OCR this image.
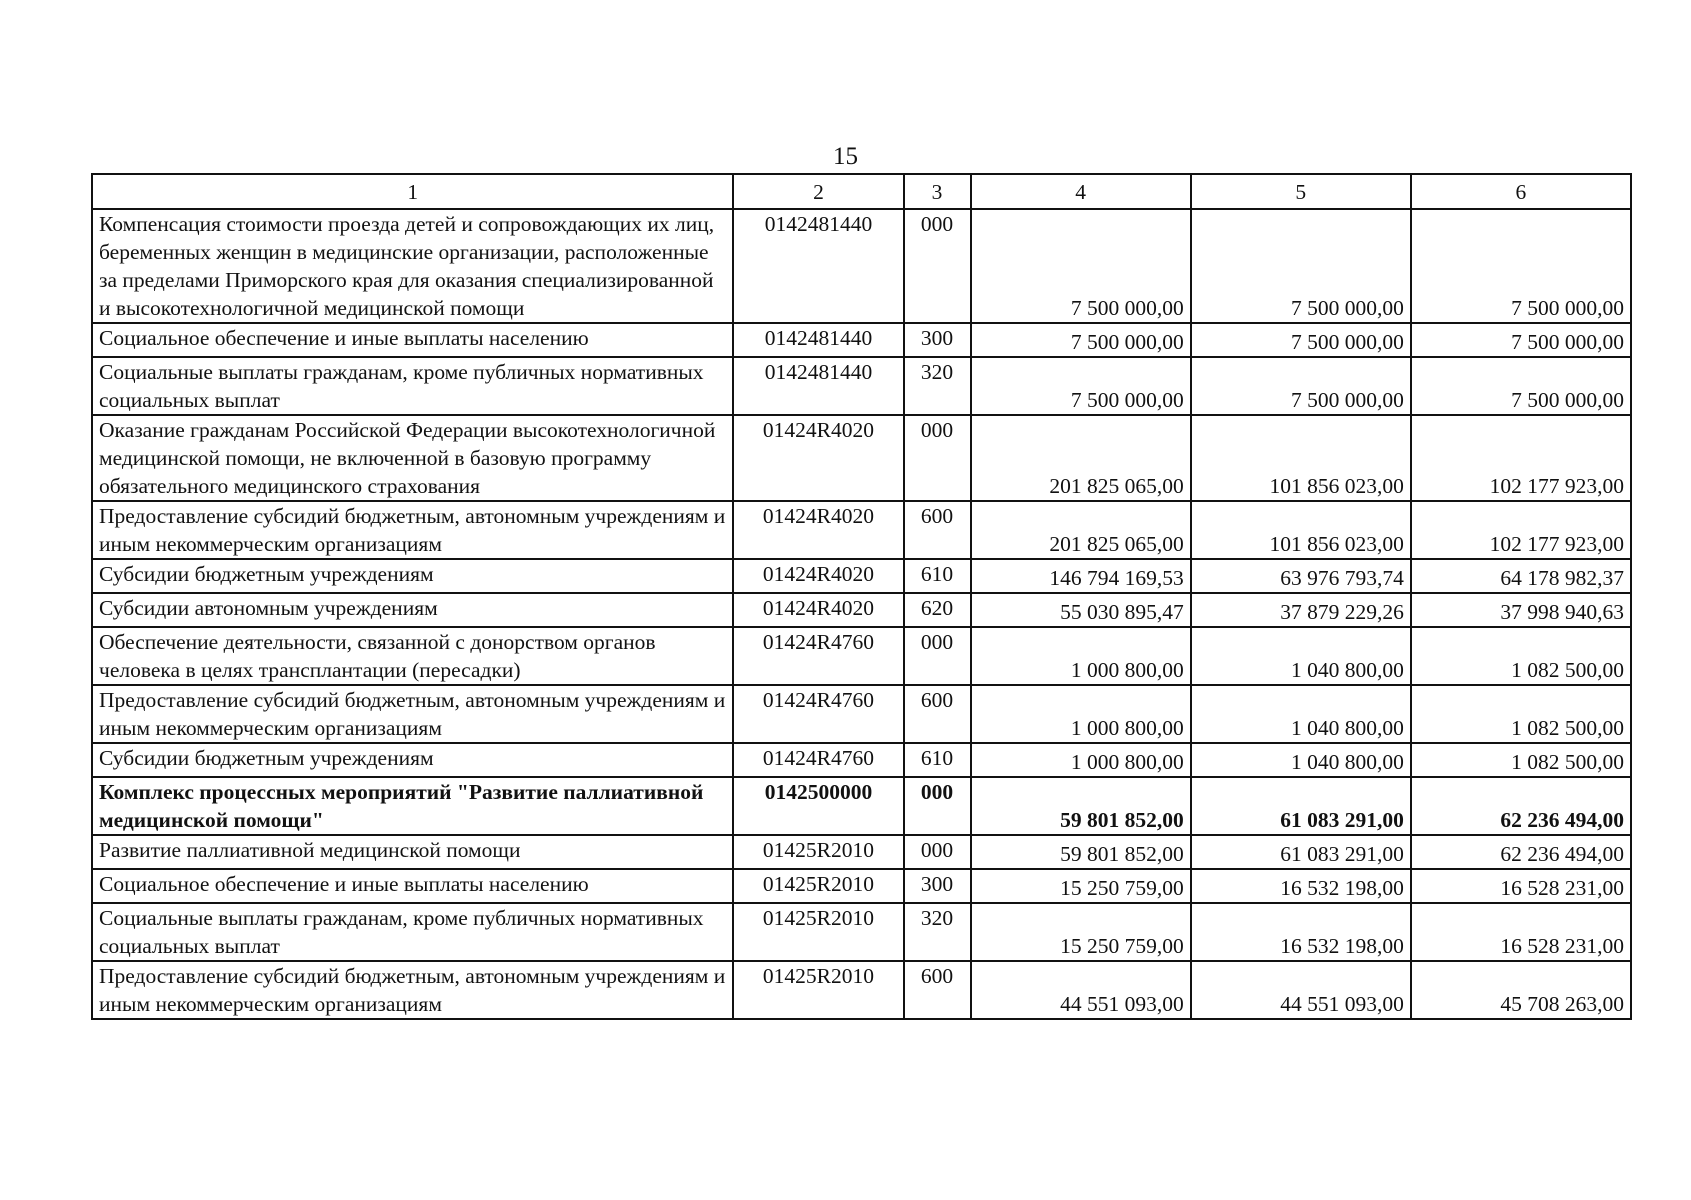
15
1	2	3	4	5	6
Компенсация стоимости проезда детей и сопровождающих их лиц, беременных женщин в медицинские организации, расположенные за пределами Приморского края для оказания специализированной и высокотехнологичной медицинской помощи	0142481440	000	7 500 000,00	7 500 000,00	7 500 000,00
Социальное обеспечение и иные выплаты населению	0142481440	300	7 500 000,00	7 500 000,00	7 500 000,00
Социальные выплаты гражданам, кроме публичных нормативных социальных выплат	0142481440	320	7 500 000,00	7 500 000,00	7 500 000,00
Оказание гражданам Российской Федерации высокотехнологичной медицинской помощи, не включенной в базовую программу обязательного медицинского страхования	01424R4020	000	201 825 065,00	101 856 023,00	102 177 923,00
Предоставление субсидий бюджетным, автономным учреждениям и иным некоммерческим организациям	01424R4020	600	201 825 065,00	101 856 023,00	102 177 923,00
Субсидии бюджетным учреждениям	01424R4020	610	146 794 169,53	63 976 793,74	64 178 982,37
Субсидии автономным учреждениям	01424R4020	620	55 030 895,47	37 879 229,26	37 998 940,63
Обеспечение деятельности, связанной с донорством органов человека в целях трансплантации (пересадки)	01424R4760	000	1 000 800,00	1 040 800,00	1 082 500,00
Предоставление субсидий бюджетным, автономным учреждениям и иным некоммерческим организациям	01424R4760	600	1 000 800,00	1 040 800,00	1 082 500,00
Субсидии бюджетным учреждениям	01424R4760	610	1 000 800,00	1 040 800,00	1 082 500,00
Комплекс процессных мероприятий "Развитие паллиативной медицинской помощи"	0142500000	000	59 801 852,00	61 083 291,00	62 236 494,00
Развитие паллиативной медицинской помощи	01425R2010	000	59 801 852,00	61 083 291,00	62 236 494,00
Социальное обеспечение и иные выплаты населению	01425R2010	300	15 250 759,00	16 532 198,00	16 528 231,00
Социальные выплаты гражданам, кроме публичных нормативных социальных выплат	01425R2010	320	15 250 759,00	16 532 198,00	16 528 231,00
Предоставление субсидий бюджетным, автономным учреждениям и иным некоммерческим организациям	01425R2010	600	44 551 093,00	44 551 093,00	45 708 263,00
